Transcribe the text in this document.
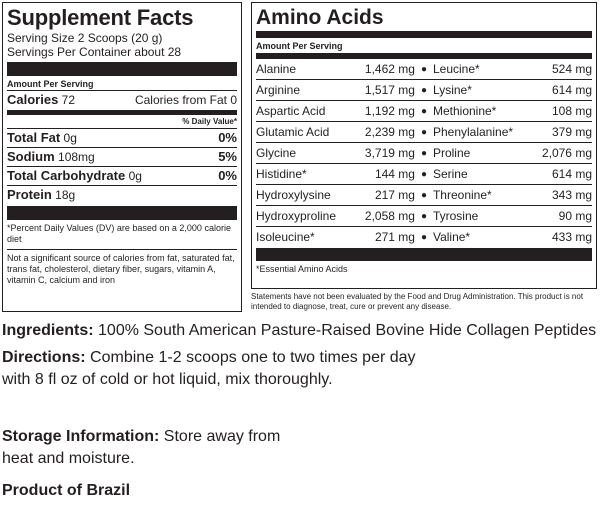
Supplement Facts
Serving Size 2 Scoops (20 g)
Servings Per Container about 28
Amount Per Serving
Calories 72	Calories from Fat 0
% Daily Value*
Total Fat 0g	0%
Sodium 108mg	5%
Total Carbohydrate 0g	0%
Protein 18g
*Percent Daily Values (DV) are based on a 2,000 calorie diet
Not a significant source of calories from fat, saturated fat, trans fat, cholesterol, dietary fiber, sugars, vitamin A, vitamin C, calcium and iron
Amino Acids
Amount Per Serving
Alanine	1,462 mg	●	Leucine*	524 mg
Arginine	1,517 mg	●	Lysine*	614 mg
Aspartic Acid	1,192 mg	●	Methionine*	108 mg
Glutamic Acid	2,239 mg	●	Phenylalanine*	379 mg
Glycine	3,719 mg	●	Proline	2,076 mg
Histidine*	144 mg	●	Serine	614 mg
Hydroxylysine	217 mg	●	Threonine*	343 mg
Hydroxyproline	2,058 mg	●	Tyrosine	90 mg
Isoleucine*	271 mg	●	Valine*	433 mg
*Essential Amino Acids
Statements have not been evaluated by the Food and Drug Administration. This product is not intended to diagnose, treat, cure or prevent any disease.
Ingredients: 100% South American Pasture-Raised Bovine Hide Collagen Peptides
Directions: Combine 1-2 scoops one to two times per day with 8 fl oz of cold or hot liquid, mix thoroughly.
Storage Information: Store away from heat and moisture.
Product of Brazil
